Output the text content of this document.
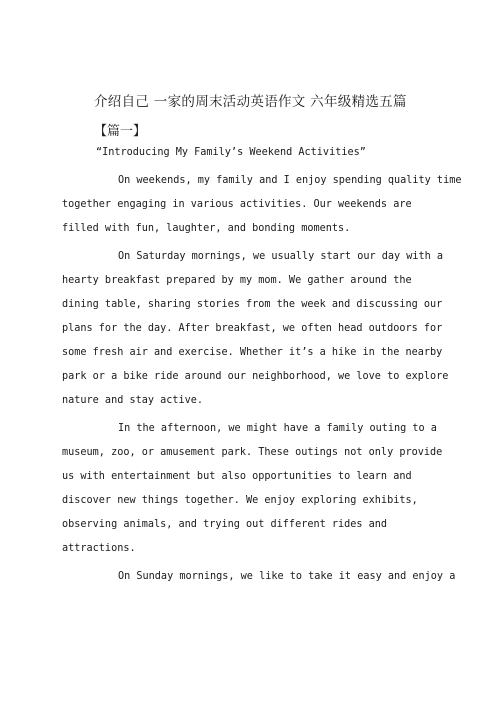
介绍自己 一家的周末活动英语作文 六年级精选五篇
【篇一】
“Introducing My Family’s Weekend Activities”
On weekends, my family and I enjoy spending quality time
together engaging in various activities. Our weekends are
filled with fun, laughter, and bonding moments.
On Saturday mornings, we usually start our day with a
hearty breakfast prepared by my mom. We gather around the
dining table, sharing stories from the week and discussing our
plans for the day. After breakfast, we often head outdoors for
some fresh air and exercise. Whether it’s a hike in the nearby
park or a bike ride around our neighborhood, we love to explore
nature and stay active.
In the afternoon, we might have a family outing to a
museum, zoo, or amusement park. These outings not only provide
us with entertainment but also opportunities to learn and
discover new things together. We enjoy exploring exhibits,
observing animals, and trying out different rides and
attractions.
On Sunday mornings, we like to take it easy and enjoy a
